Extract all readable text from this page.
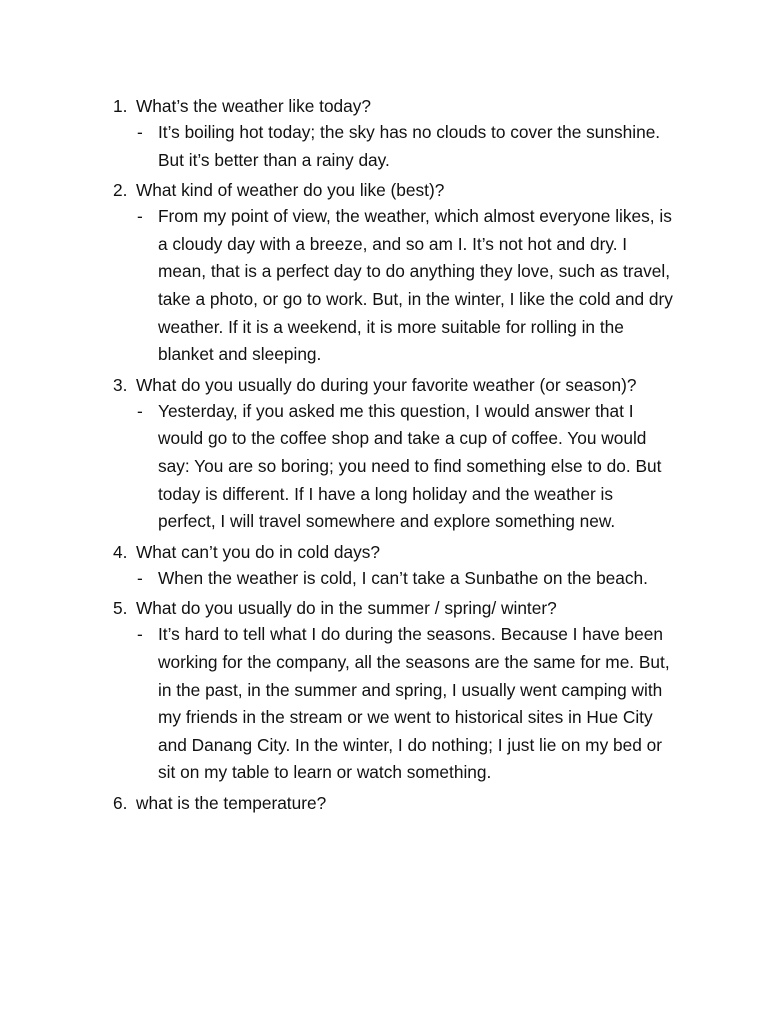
1. What’s the weather like today?
- It’s boiling hot today; the sky has no clouds to cover the sunshine. But it’s better than a rainy day.
2. What kind of weather do you like (best)?
- From my point of view, the weather, which almost everyone likes, is a cloudy day with a breeze, and so am I. It’s not hot and dry. I mean, that is a perfect day to do anything they love, such as travel, take a photo, or go to work. But, in the winter, I like the cold and dry weather. If it is a weekend, it is more suitable for rolling in the blanket and sleeping.
3. What do you usually do during your favorite weather (or season)?
- Yesterday, if you asked me this question, I would answer that I would go to the coffee shop and take a cup of coffee. You would say: You are so boring; you need to find something else to do. But today is different. If I have a long holiday and the weather is perfect, I will travel somewhere and explore something new.
4. What can’t you do in cold days?
- When the weather is cold, I can’t take a Sunbathe on the beach.
5. What do you usually do in the summer / spring/ winter?
- It’s hard to tell what I do during the seasons. Because I have been working for the company, all the seasons are the same for me. But, in the past, in the summer and spring, I usually went camping with my friends in the stream or we went to historical sites in Hue City and Danang City. In the winter, I do nothing; I just lie on my bed or sit on my table to learn or watch something.
6. what is the temperature?
